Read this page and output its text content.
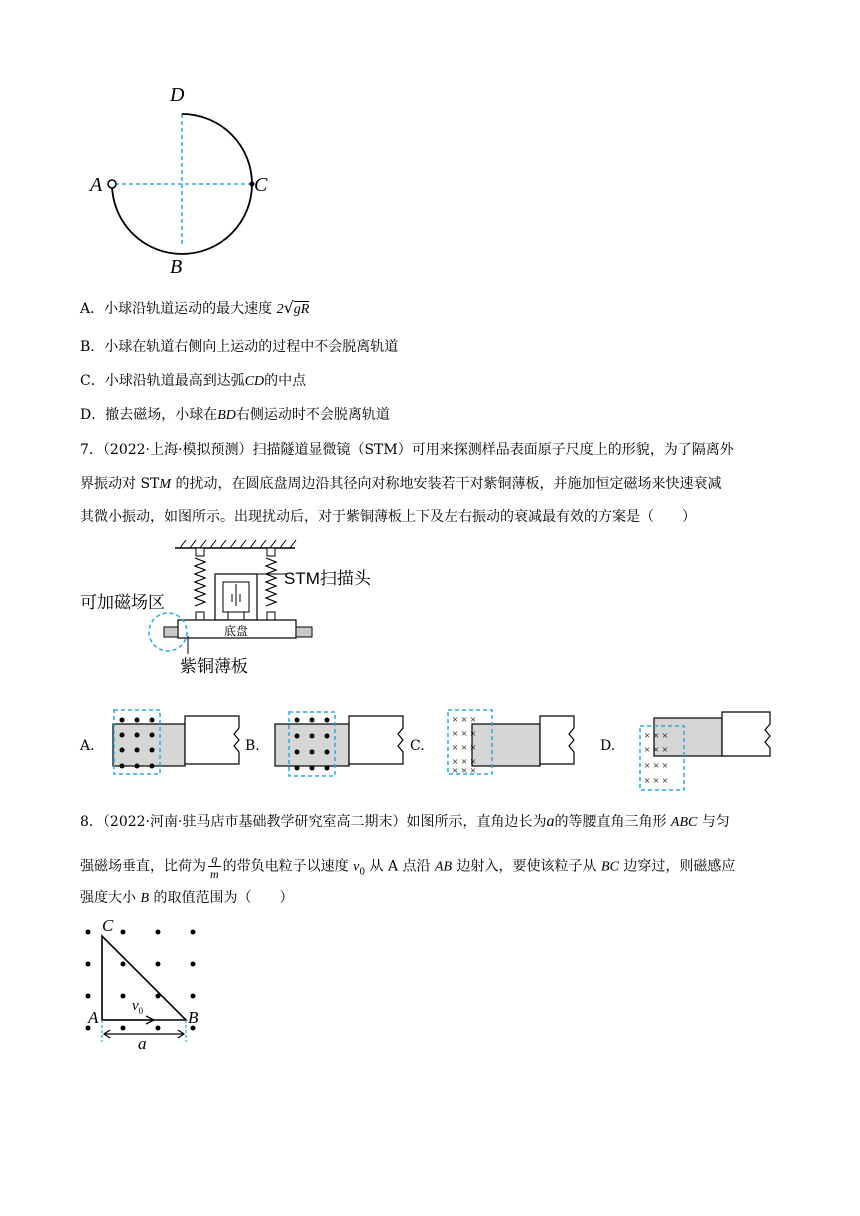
D
A	C
B
A．小球沿轨道运动的最大速度 2√gR
B．小球在轨道右侧向上运动的过程中不会脱离轨道
C．小球沿轨道最高到达弧CD的中点
D．撤去磁场，小球在BD右侧运动时不会脱离轨道
7．（2022·上海·模拟预测）扫描隧道显微镜（STM）可用来探测样品表面原子尺度上的形貌，为了隔离外
界振动对 STM 的扰动，在圆底盘周边沿其径向对称地安装若干对紫铜薄板，并施加恒定磁场来快速衰减
其微小振动，如图所示。出现扰动后，对于紫铜薄板上下及左右振动的衰减最有效的方案是（　　）
STM扫描头
可加磁场区
底盘
紫铜薄板
A.	B.	C.
× × ×
× × ×
× × ×
× × ×
× × ×
D.
× × ×
× × ×
× × ×
× × ×
8．（2022·河南·驻马店市基础教学研究室高二期末）如图所示，直角边长为a的等腰直角三角形 ABC 与匀
强磁场垂直，比荷为 $\frac{q}{m}$ 的带负电粒子以速度 $v_0$ 从 A 点沿 AB 边射入，要使该粒子从 BC 边穿过，则磁感应
强度大小 B 的取值范围为（　　）
C
A	B
$v_0$
a
